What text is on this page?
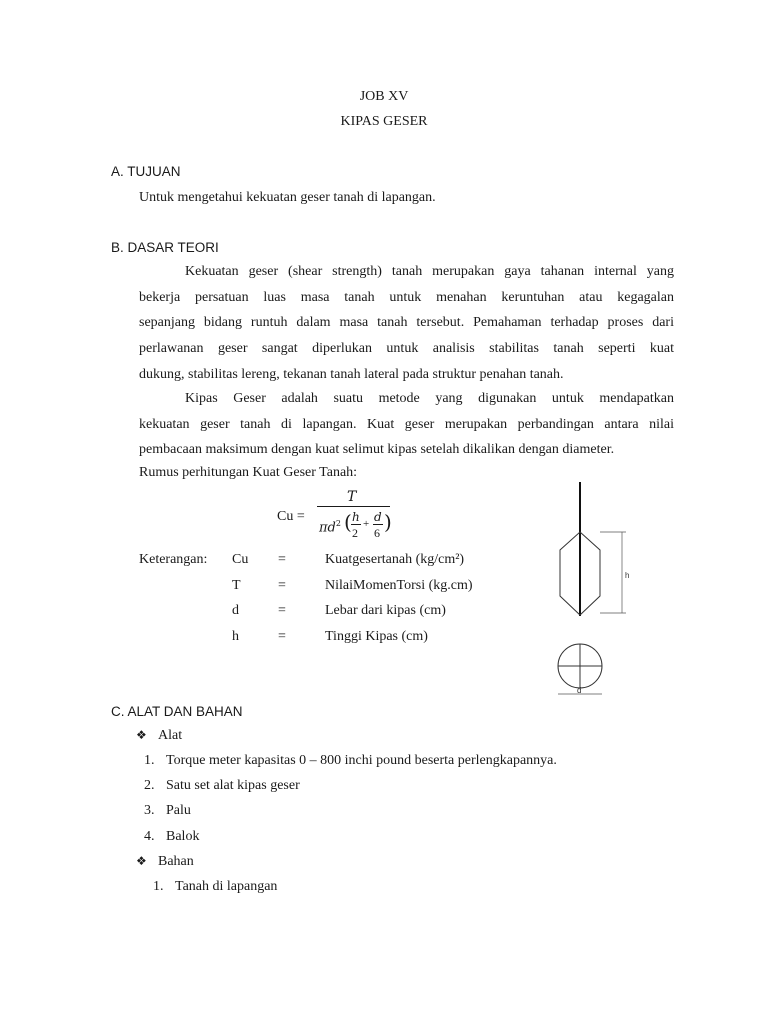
JOB XV
KIPAS GESER
A. TUJUAN
Untuk mengetahui kekuatan geser tanah di lapangan.
B. DASAR TEORI
Kekuatan geser (shear strength) tanah merupakan gaya tahanan internal yang
bekerja persatuan luas masa tanah untuk menahan keruntuhan atau kegagalan
sepanjang bidang runtuh dalam masa tanah tersebut. Pemahaman terhadap proses dari
perlawanan geser sangat diperlukan untuk analisis stabilitas tanah seperti kuat
dukung, stabilitas lereng, tekanan tanah lateral pada struktur penahan tanah.
Kipas Geser adalah suatu metode yang digunakan untuk mendapatkan
kekuatan geser tanah di lapangan. Kuat geser merupakan perbandingan antara nilai
pembacaan maksimum dengan kuat selimut kipas setelah dikalikan dengan diameter.
Rumus perhitungan Kuat Geser Tanah:
Cu =
T
$\pi d^2$ ( h
2
+ d
6 )
Keterangan: Cu =	Kuatgesertanah (kg/cm²)
T	=	NilaiMomenTorsi (kg.cm)
d	=	Lebar dari kipas (cm)
h	=	Tinggi Kipas (cm)
h
d
C. ALAT DAN BAHAN
❖ Alat
1. Torque meter kapasitas 0 – 800 inchi pound beserta perlengkapannya.
2. Satu set alat kipas geser
3. Palu
4. Balok
❖ Bahan
1. Tanah di lapangan
